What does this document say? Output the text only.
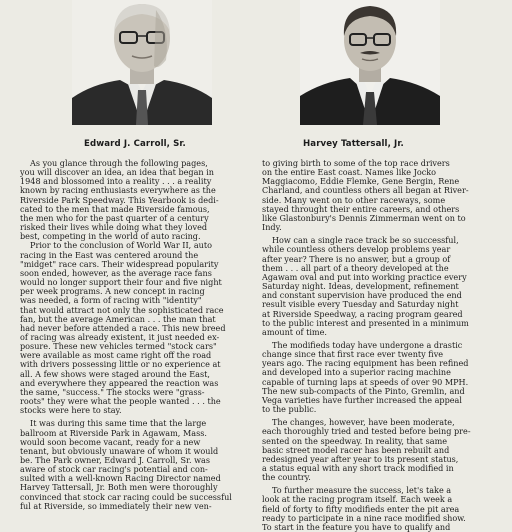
Edward J. Carroll, Sr.	Harvey Tattersall, Jr.
As you glance through the following pages,
you will discover an idea, an idea that began in
1948 and blossomed into a reality . . . a reality
known by racing enthusiasts everywhere as the
Riverside Park Speedway. This Yearbook is dedi-
cated to the men that made Riverside famous,
the men who for the past quarter of a century
risked their lives while doing what they loved
best, competing in the world of auto racing.
Prior to the conclusion of World War II, auto
racing in the East was centered around the
"midget" race cars. Their widespread popularity
soon ended, however, as the average race fans
would no longer support their four and five night
per week programs. A new concept in racing
was needed, a form of racing with "identity"
that would attract not only the sophisticated race
fan, but the average American . . . the man that
had never before attended a race. This new breed
of racing was already existent, it just needed ex-
posure. These new vehicles termed "stock cars"
were available as most came right off the road
with drivers possessing little or no experience at
all. A few shows were staged around the East,
and everywhere they appeared the reaction was
the same, "success." The stocks were "grass-
roots" they were what the people wanted . . . the
stocks were here to stay.
It was during this same time that the large
ballroom at Riverside Park in Agawam, Mass.
would soon become vacant, ready for a new
tenant, but obviously unaware of whom it would
be. The Park owner, Edward J. Carroll, Sr. was
aware of stock car racing's potential and con-
sulted with a well-known Racing Director named
Harvey Tattersall, Jr. Both men were thoroughly
convinced that stock car racing could be successful
ful at Riverside, so immediately their new ven-
to giving birth to some of the top race drivers
on the entire East coast. Names like Jocko
Maggiacomo, Eddie Flemke, Gene Bergin, Rene
Charland, and countless others all began at River-
side. Many went on to other raceways, some
stayed throught their entire careers, and others
like Glastonbury's Dennis Zimmerman went on to
Indy.
How can a single race track be so successful,
while countless others develop problems year
after year? There is no answer, but a group of
them . . . all part of a theory developed at the
Agawam oval and put into working practice every
Saturday night. Ideas, development, refinement
and constant supervision have produced the end
result visible every Tuesday and Saturday night
at Riverside Speedway, a racing program geared
to the public interest and presented in a minimum
amount of time.
The modifieds today have undergone a drastic
change since that first race ever twenty five
years ago. The racing equipment has been refined
and developed into a superior racing machine
capable of turning laps at speeds of over 90 MPH.
The new sub-compacts of the Pinto, Gremlin, and
Vega varieties have further increased the appeal
to the public.
The changes, however, have been moderate,
each thoroughly tried and tested before being pre-
sented on the speedway. In reality, that same
basic street model racer has been rebuilt and
redesigned year after year to its present status,
a status equal with any short track modified in
the country.
To further measure the success, let's take a
look at the racing program itself. Each week a
field of forty to fifty modifieds enter the pit area
ready to participate in a nine race modified show.
To start in the feature you have to qualify and
